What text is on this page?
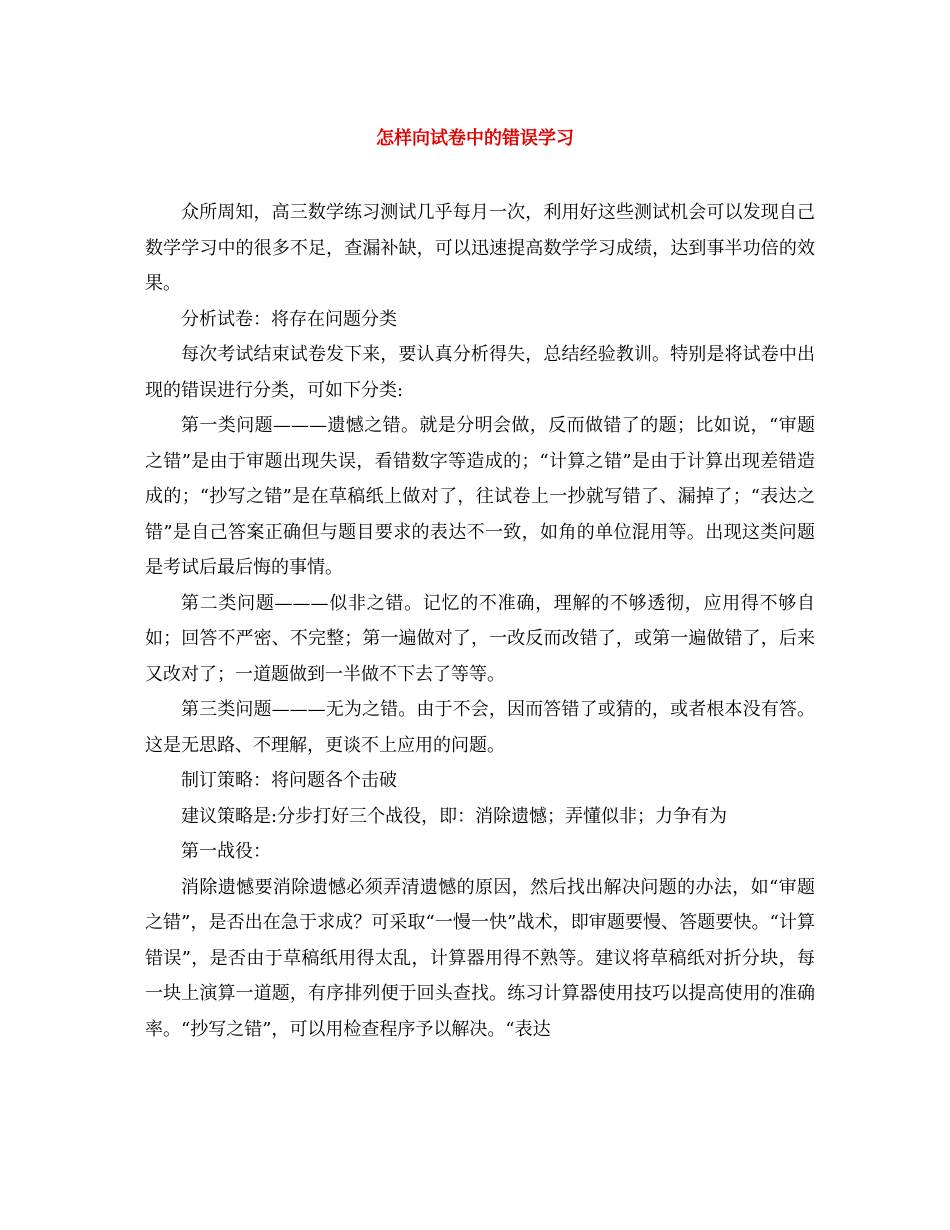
怎样向试卷中的错误学习

众所周知，高三数学练习测试几乎每月一次，利用好这些测试机会可以发现自己数学学习中的很多不足，查漏补缺，可以迅速提高数学学习成绩，达到事半功倍的效果。

分析试卷：将存在问题分类

每次考试结束试卷发下来，要认真分析得失，总结经验教训。特别是将试卷中出现的错误进行分类，可如下分类:

第一类问题———遗憾之错。就是分明会做，反而做错了的题；比如说，“审题之错”是由于审题出现失误，看错数字等造成的；“计算之错”是由于计算出现差错造成的；“抄写之错”是在草稿纸上做对了，往试卷上一抄就写错了、漏掉了；“表达之错”是自己答案正确但与题目要求的表达不一致，如角的单位混用等。出现这类问题是考试后最后悔的事情。

第二类问题———似非之错。记忆的不准确，理解的不够透彻，应用得不够自如；回答不严密、不完整；第一遍做对了，一改反而改错了，或第一遍做错了，后来又改对了；一道题做到一半做不下去了等等。

第三类问题———无为之错。由于不会，因而答错了或猜的，或者根本没有答。这是无思路、不理解，更谈不上应用的问题。

制订策略：将问题各个击破

建议策略是:分步打好三个战役，即：消除遗憾；弄懂似非；力争有为

第一战役：

消除遗憾要消除遗憾必须弄清遗憾的原因，然后找出解决问题的办法，如“审题之错”，是否出在急于求成？可采取“一慢一快”战术，即审题要慢、答题要快。“计算错误”，是否由于草稿纸用得太乱，计算器用得不熟等。建议将草稿纸对折分块，每一块上演算一道题，有序排列便于回头查找。练习计算器使用技巧以提高使用的准确率。“抄写之错”，可以用检查程序予以解决。“表达
